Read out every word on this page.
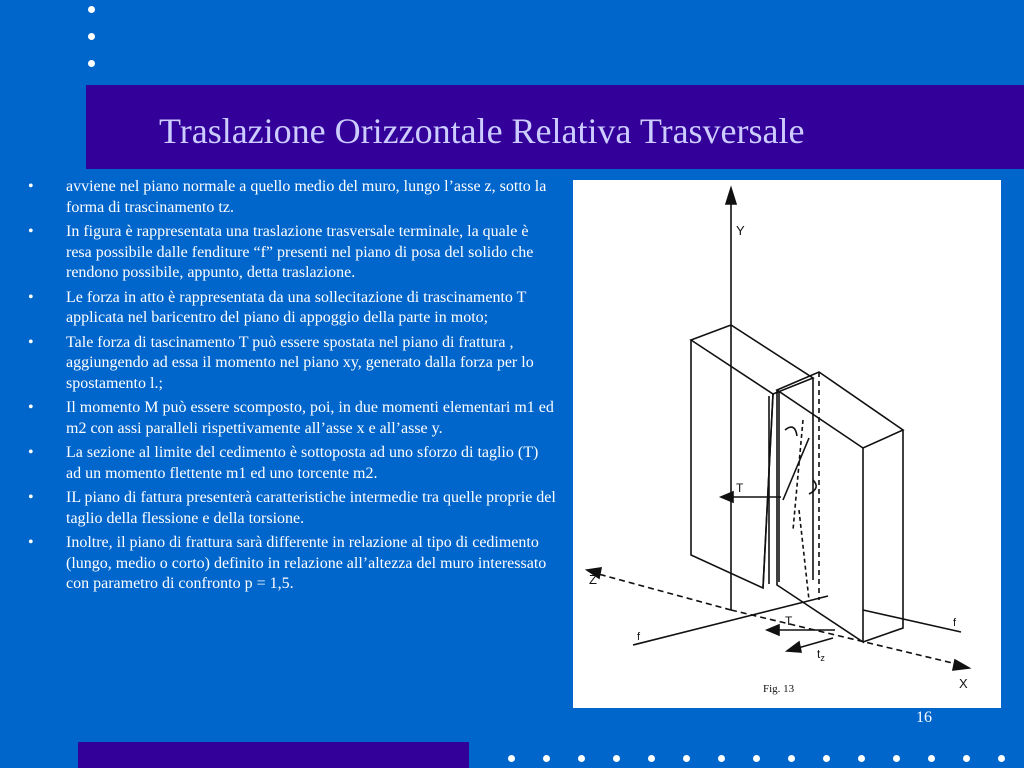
Traslazione Orizzontale Relativa Trasversale
• avviene nel piano normale a quello medio del muro, lungo l’asse z, sotto la forma di trascinamento tz.
• In figura è rappresentata una traslazione trasversale terminale, la quale è resa possibile dalle fenditure “f” presenti nel piano di posa del solido che rendono possibile, appunto, detta traslazione.
• Le forza in atto è rappresentata da una sollecitazione di trascinamento T applicata nel baricentro del piano di appoggio della parte in moto;
• Tale forza di tascinamento T può essere spostata nel piano di frattura , aggiungendo ad essa il momento nel piano xy, generato dalla forza per lo spostamento l.;
• Il momento M può essere scomposto, poi, in due momenti elementari m1 ed m2 con assi paralleli rispettivamente all’asse x e all’asse y.
• La sezione al limite del cedimento è sottoposta ad uno sforzo di taglio (T) ad un momento flettente m1 ed uno torcente m2.
• IL piano di fattura presenterà caratteristiche intermedie tra quelle proprie del taglio della flessione e della torsione.
• Inoltre, il piano di frattura sarà differente in relazione al tipo di cedimento (lungo, medio o corto) definito in relazione all’altezza del muro interessato con parametro di confronto p = 1,5.
Y
Z
X
T
T
$t_z$
f
f
Fig. 13
16
